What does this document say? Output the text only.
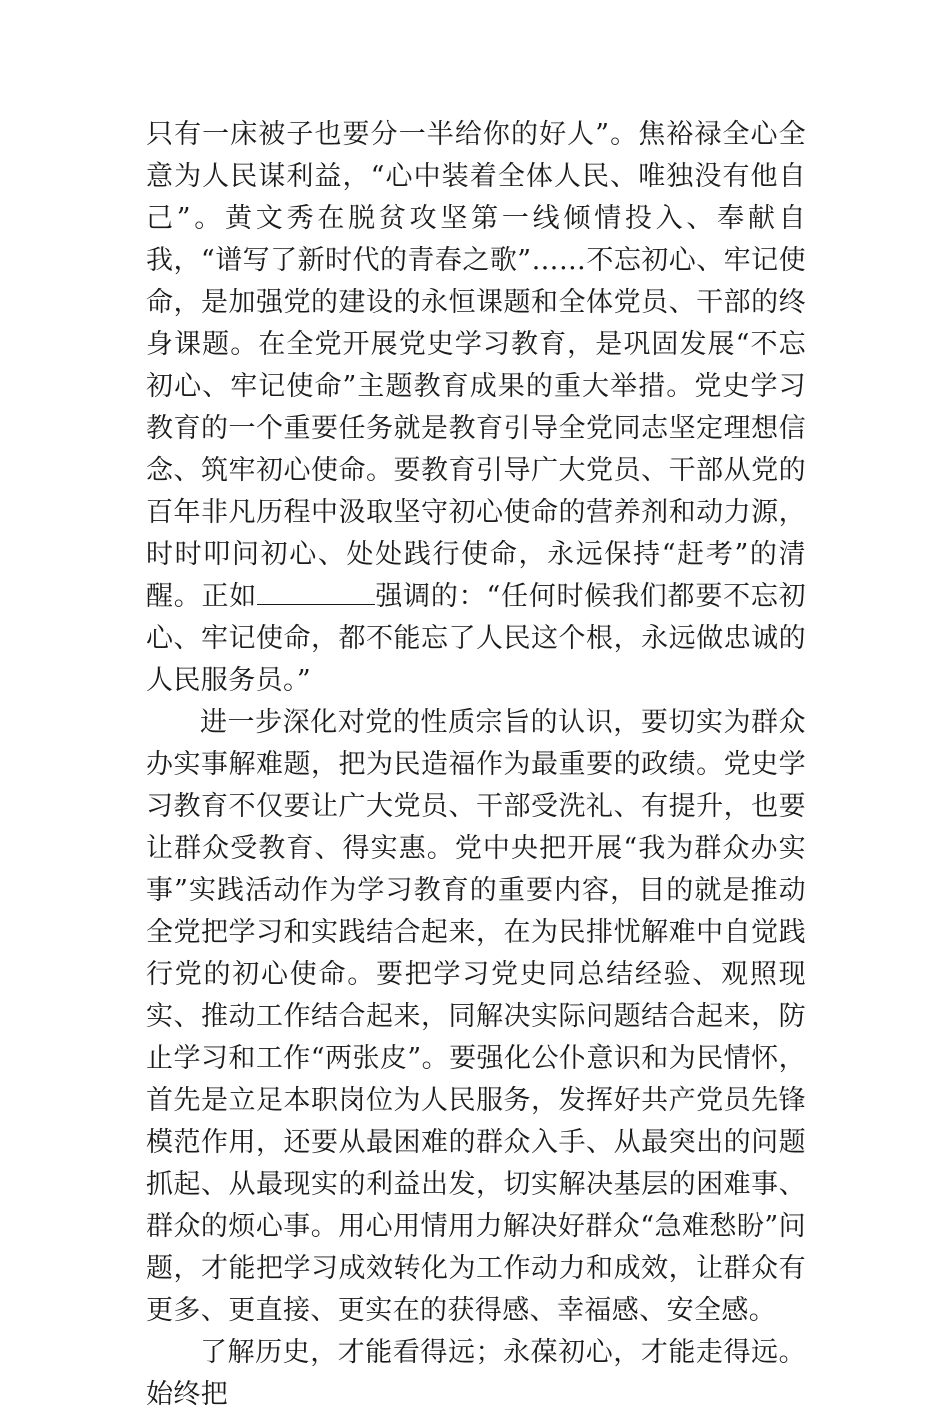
只有一床被子也要分一半给你的好人”。焦裕禄全心全意为人民谋利益，“心中装着全体人民、唯独没有他自己”。黄文秀在脱贫攻坚第一线倾情投入、奉献自我，“谱写了新时代的青春之歌”……不忘初心、牢记使命，是加强党的建设的永恒课题和全体党员、干部的终身课题。在全党开展党史学习教育，是巩固发展“不忘初心、牢记使命”主题教育成果的重大举措。党史学习教育的一个重要任务就是教育引导全党同志坚定理想信念、筑牢初心使命。要教育引导广大党员、干部从党的百年非凡历程中汲取坚守初心使命的营养剂和动力源，时时叩问初心、处处践行使命，永远保持“赶考”的清醒。正如	强调的：“任何时候我们都要不忘初心、牢记使命，都不能忘了人民这个根，永远做忠诚的人民服务员。”

进一步深化对党的性质宗旨的认识，要切实为群众办实事解难题，把为民造福作为最重要的政绩。党史学习教育不仅要让广大党员、干部受洗礼、有提升，也要让群众受教育、得实惠。党中央把开展“我为群众办实事”实践活动作为学习教育的重要内容，目的就是推动全党把学习和实践结合起来，在为民排忧解难中自觉践行党的初心使命。要把学习党史同总结经验、观照现实、推动工作结合起来，同解决实际问题结合起来，防止学习和工作“两张皮”。要强化公仆意识和为民情怀，首先是立足本职岗位为人民服务，发挥好共产党员先锋模范作用，还要从最困难的群众入手、从最突出的问题抓起、从最现实的利益出发，切实解决基层的困难事、群众的烦心事。用心用情用力解决好群众“急难愁盼”问题，才能把学习成效转化为工作动力和成效，让群众有更多、更直接、更实在的获得感、幸福感、安全感。

了解历史，才能看得远；永葆初心，才能走得远。始终把
